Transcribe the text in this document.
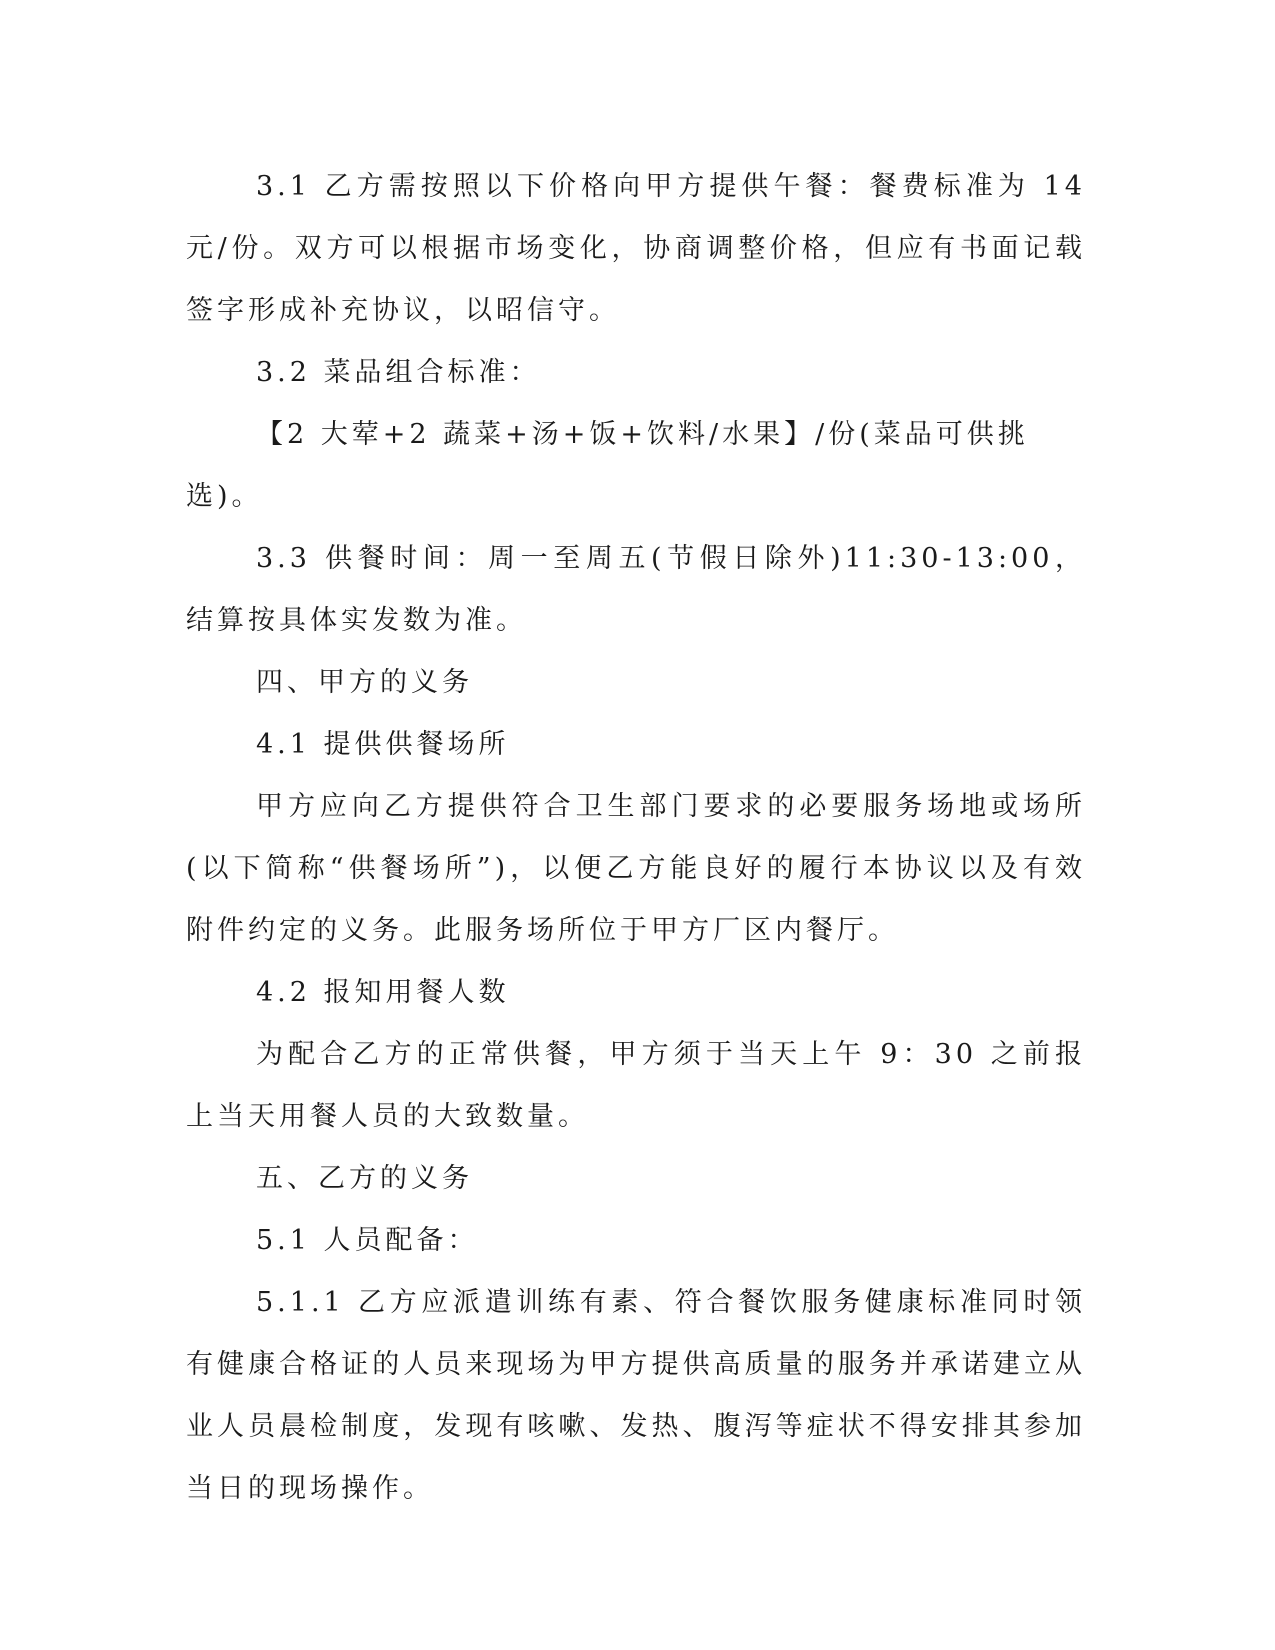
3.1 乙方需按照以下价格向甲方提供午餐：餐费标准为 14 元/份。双方可以根据市场变化，协商调整价格，但应有书面记载签字形成补充协议，以昭信守。

3.2 菜品组合标准：

【2 大荤+2 蔬菜+汤+饭+饮料/水果】/份(菜品可供挑选)。

3.3 供餐时间：周一至周五(节假日除外)11:30-13:00，结算按具体实发数为准。

四、甲方的义务

4.1 提供供餐场所

甲方应向乙方提供符合卫生部门要求的必要服务场地或场所(以下简称“供餐场所”)，以便乙方能良好的履行本协议以及有效附件约定的义务。此服务场所位于甲方厂区内餐厅。

4.2 报知用餐人数

为配合乙方的正常供餐，甲方须于当天上午 9：30 之前报上当天用餐人员的大致数量。

五、乙方的义务

5.1 人员配备：

5.1.1 乙方应派遣训练有素、符合餐饮服务健康标准同时领有健康合格证的人员来现场为甲方提供高质量的服务并承诺建立从业人员晨检制度，发现有咳嗽、发热、腹泻等症状不得安排其参加当日的现场操作。
